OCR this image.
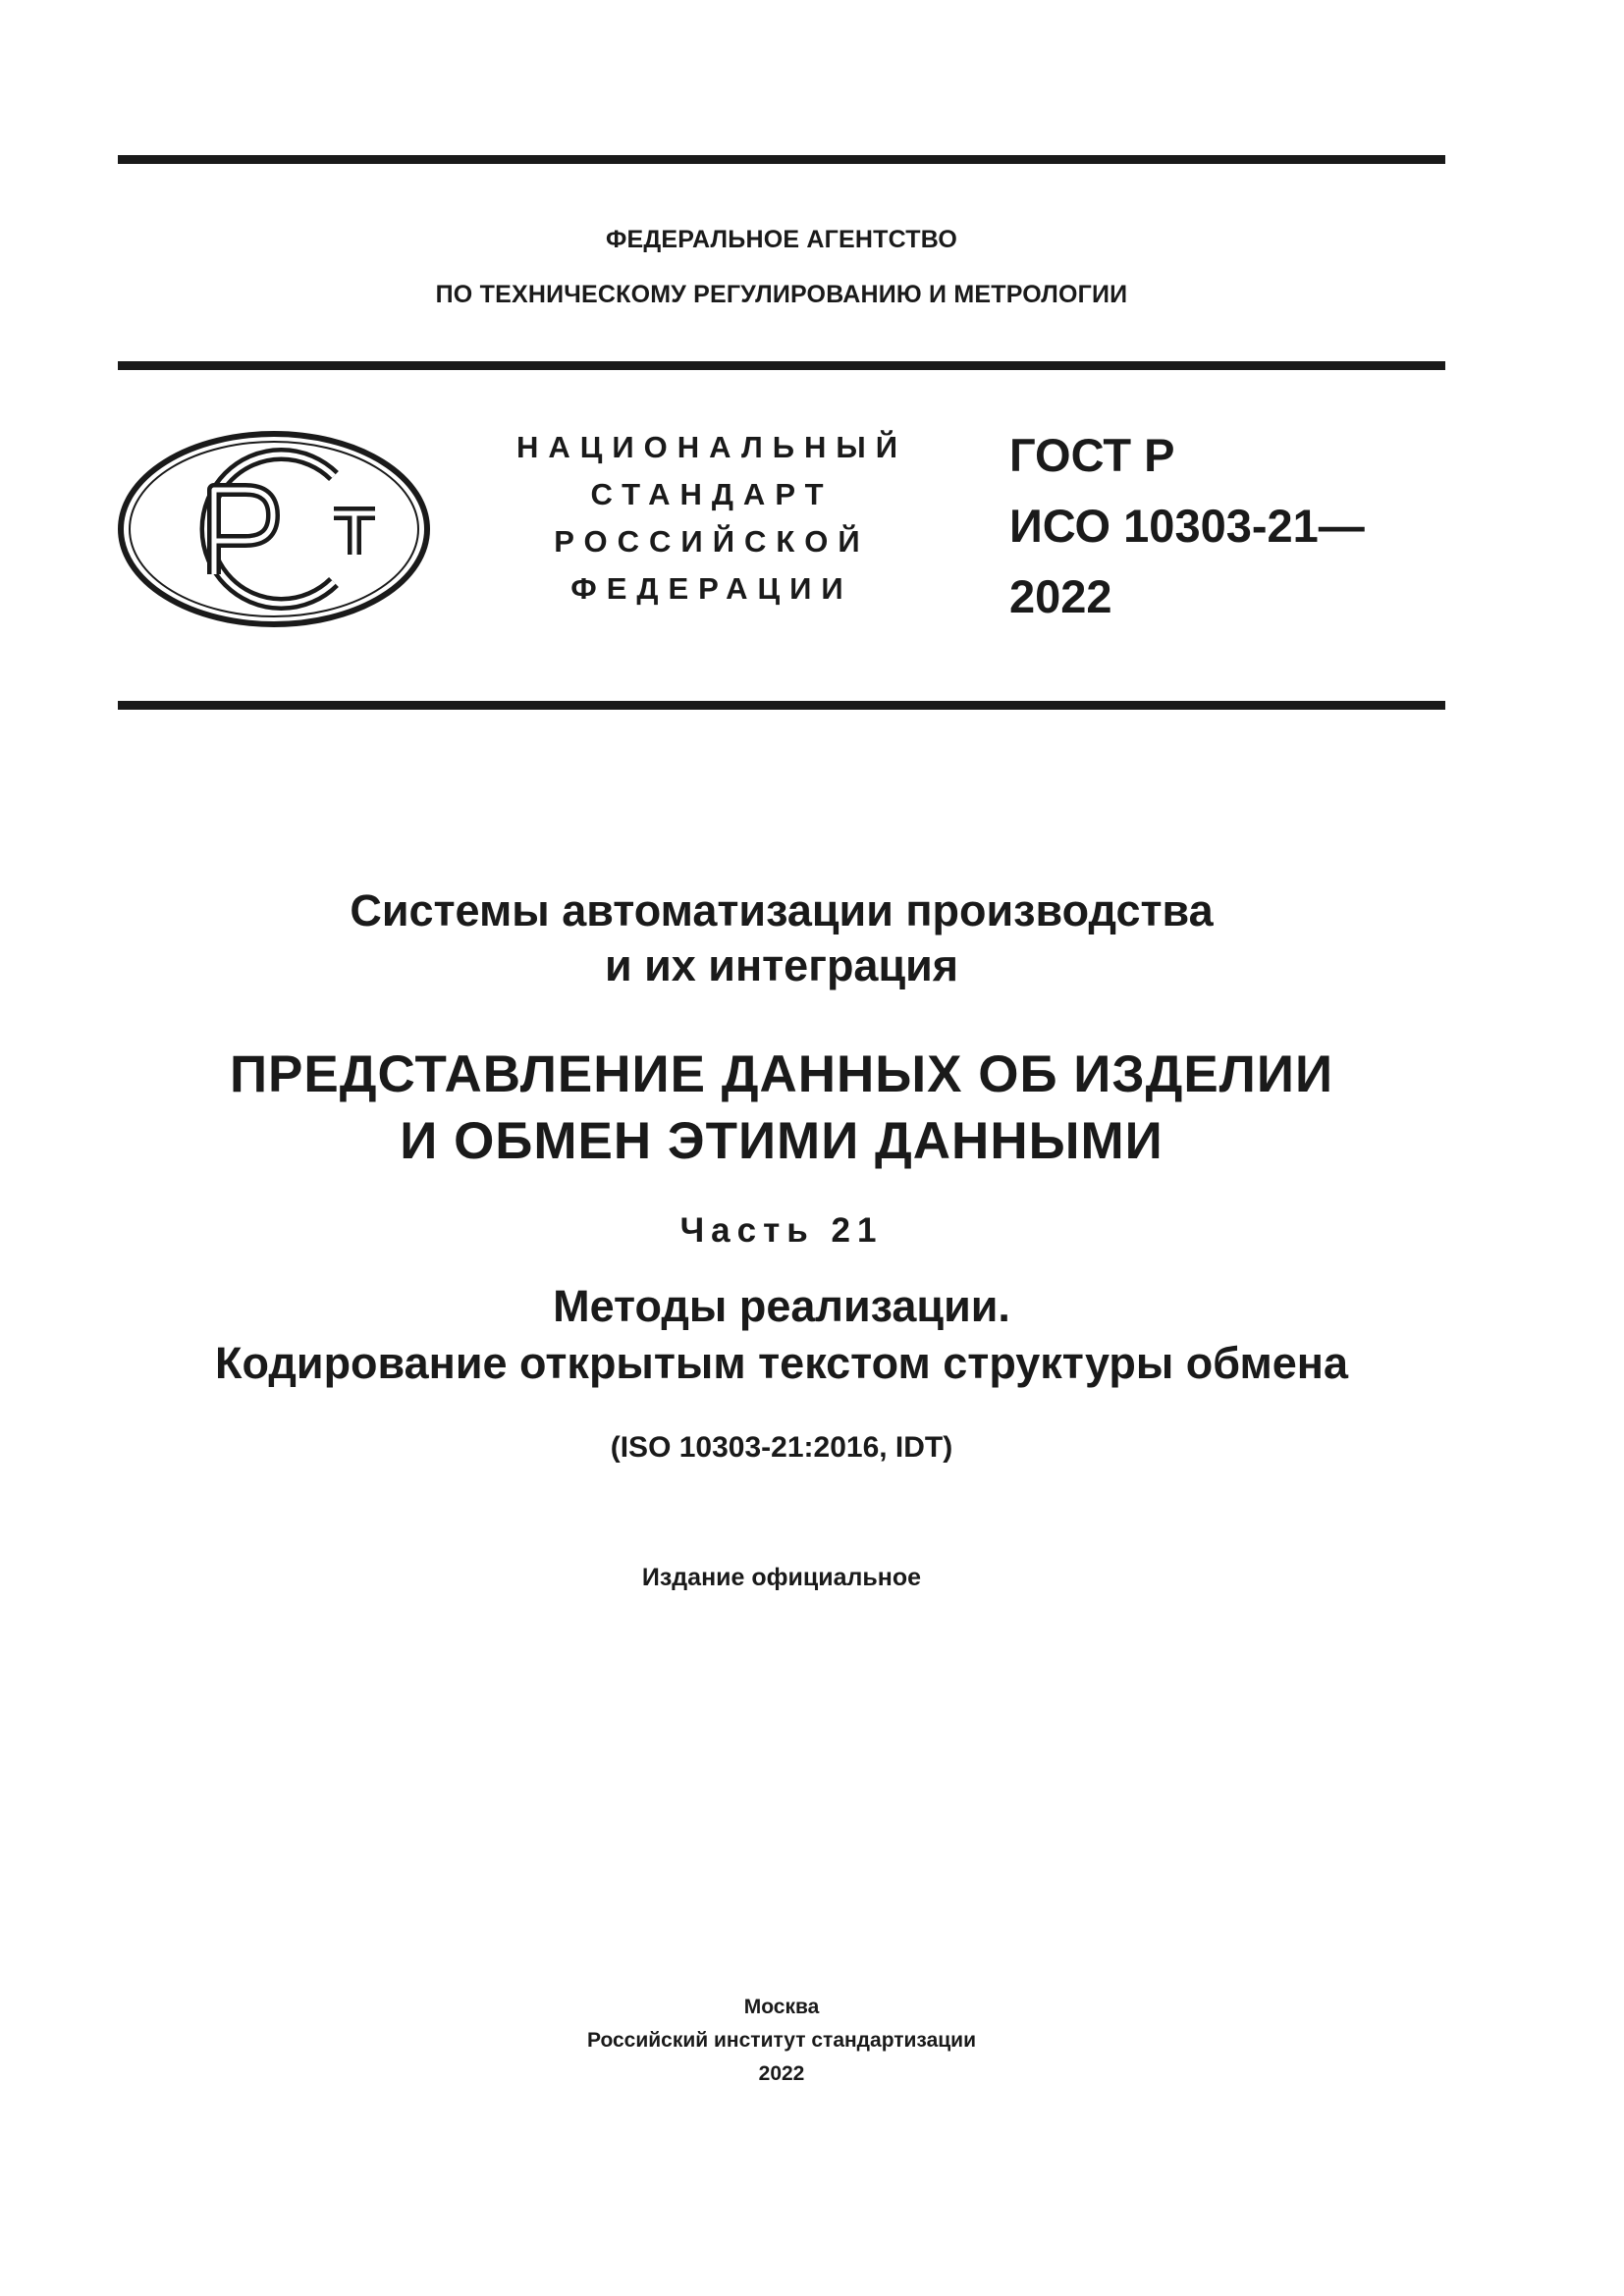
ФЕДЕРАЛЬНОЕ АГЕНТСТВО
ПО ТЕХНИЧЕСКОМУ РЕГУЛИРОВАНИЮ И МЕТРОЛОГИИ
НАЦИОНАЛЬНЫЙ
СТАНДАРТ
РОССИЙСКОЙ
ФЕДЕРАЦИИ
ГОСТ Р
ИСО 10303-21—
2022
Системы автоматизации производства
и их интеграция
ПРЕДСТАВЛЕНИЕ ДАННЫХ ОБ ИЗДЕЛИИ
И ОБМЕН ЭТИМИ ДАННЫМИ
Часть 21
Методы реализации.
Кодирование открытым текстом структуры обмена
(ISO 10303-21:2016, IDT)
Издание официальное
Москва
Российский институт стандартизации
2022
